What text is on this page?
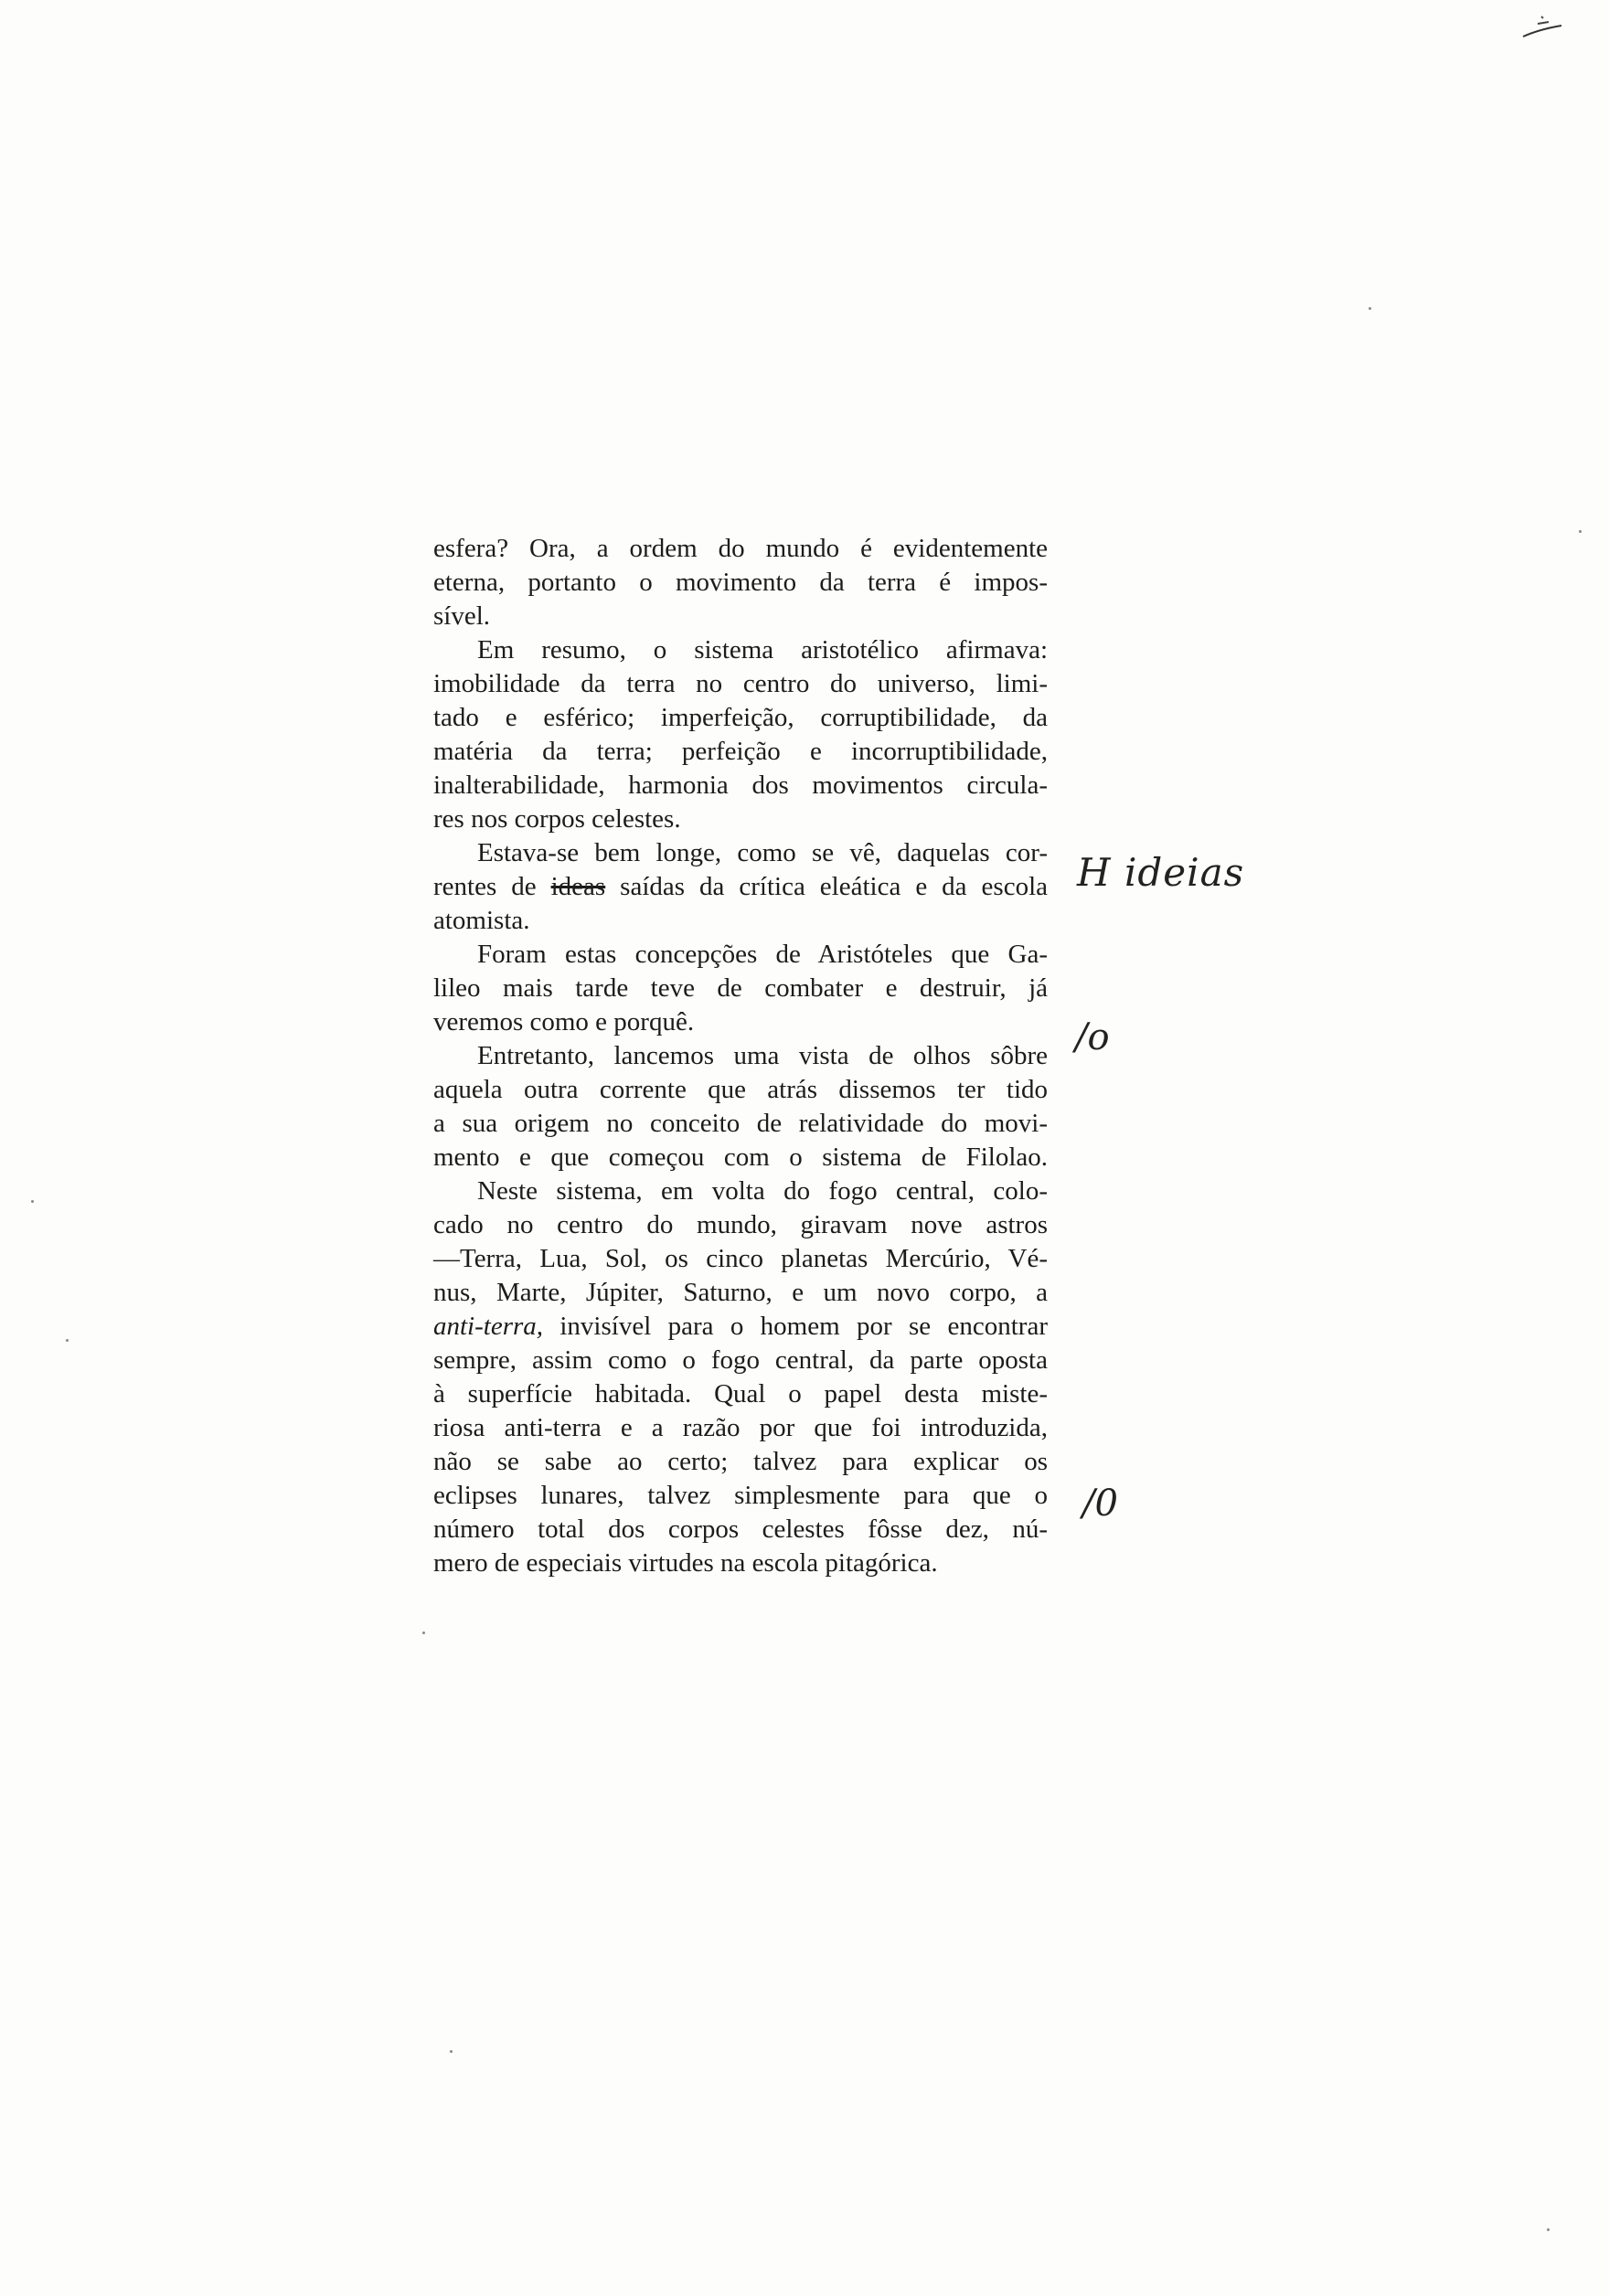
esfera? Ora, a ordem do mundo é evidentemente
eterna, portanto o movimento da terra é impos-
sível.
Em resumo, o sistema aristotélico afirmava:
imobilidade da terra no centro do universo, limi-
tado e esférico; imperfeição, corruptibilidade, da
matéria da terra; perfeição e incorruptibilidade,
inalterabilidade, harmonia dos movimentos circula-
res nos corpos celestes.
Estava-se bem longe, como se vê, daquelas cor-
rentes de ideas saídas da crítica eleática e da escola
atomista.
Foram estas concepções de Aristóteles que Ga-
lileo mais tarde teve de combater e destruir, já
veremos como e porquê.
Entretanto, lancemos uma vista de olhos sôbre
aquela outra corrente que atrás dissemos ter tido
a sua origem no conceito de relatividade do movi-
mento e que começou com o sistema de Filolao.
Neste sistema, em volta do fogo central, colo-
cado no centro do mundo, giravam nove astros
—Terra, Lua, Sol, os cinco planetas Mercúrio, Vé-
nus, Marte, Júpiter, Saturno, e um novo corpo, a
anti-terra, invisível para o homem por se encontrar
sempre, assim como o fogo central, da parte oposta
à superfície habitada. Qual o papel desta miste-
riosa anti-terra e a razão por que foi introduzida,
não se sabe ao certo; talvez para explicar os
eclipses lunares, talvez simplesmente para que o
número total dos corpos celestes fôsse dez, nú-
mero de especiais virtudes na escola pitagórica.
H ideias
/o
/0
